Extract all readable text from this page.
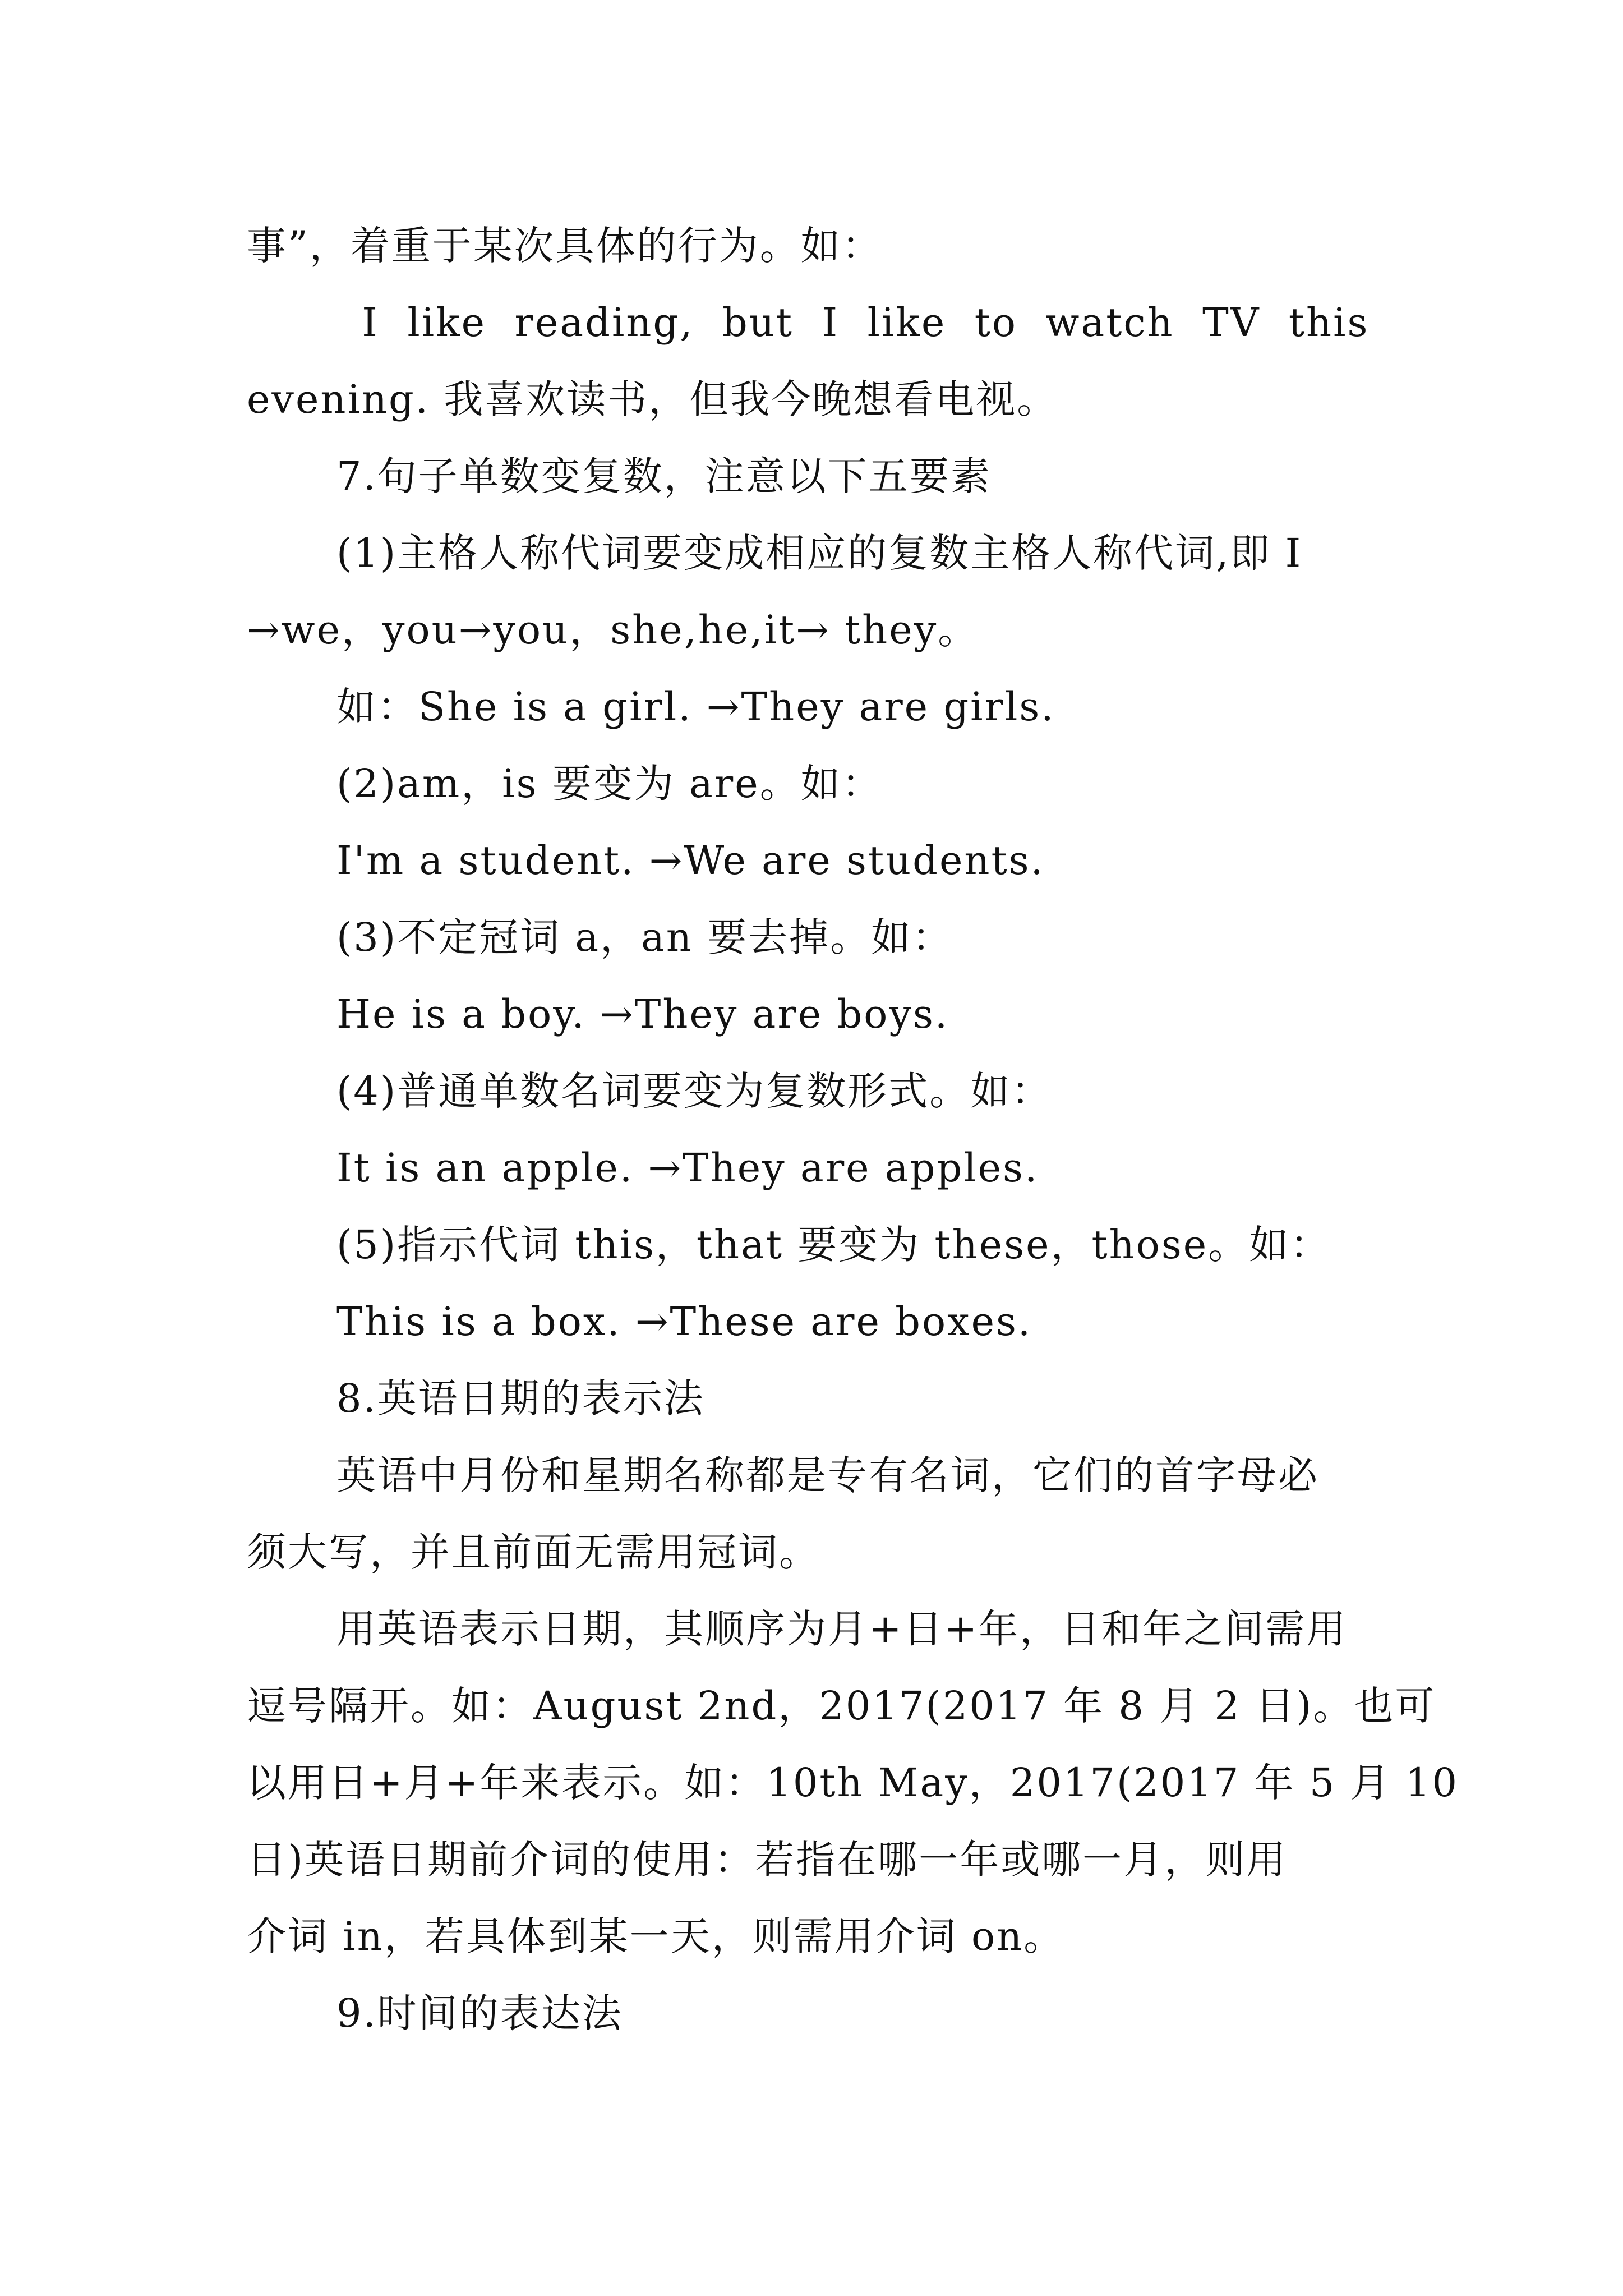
事”，着重于某次具体的行为。如：
I  like  reading,  but  I  like  to  watch  TV  this
evening. 我喜欢读书，但我今晚想看电视。
7.句子单数变复数，注意以下五要素
(1)主格人称代词要变成相应的复数主格人称代词,即 I
→we，you→you，she,he,it→ they。
如：She is a girl. →They are girls.
(2)am，is 要变为 are。如：
I'm a student. →We are students.
(3)不定冠词 a，an 要去掉。如：
He is a boy. →They are boys.
(4)普通单数名词要变为复数形式。如：
It is an apple. →They are apples.
(5)指示代词 this，that 要变为 these，those。如：
This is a box. →These are boxes.
8.英语日期的表示法
英语中月份和星期名称都是专有名词，它们的首字母必
须大写，并且前面无需用冠词。
用英语表示日期，其顺序为月+日+年，日和年之间需用
逗号隔开。如：August 2nd，2017(2017 年 8 月 2 日)。也可
以用日+月+年来表示。如：10th May，2017(2017 年 5 月 10
日)英语日期前介词的使用：若指在哪一年或哪一月，则用
介词 in，若具体到某一天，则需用介词 on。
9.时间的表达法
